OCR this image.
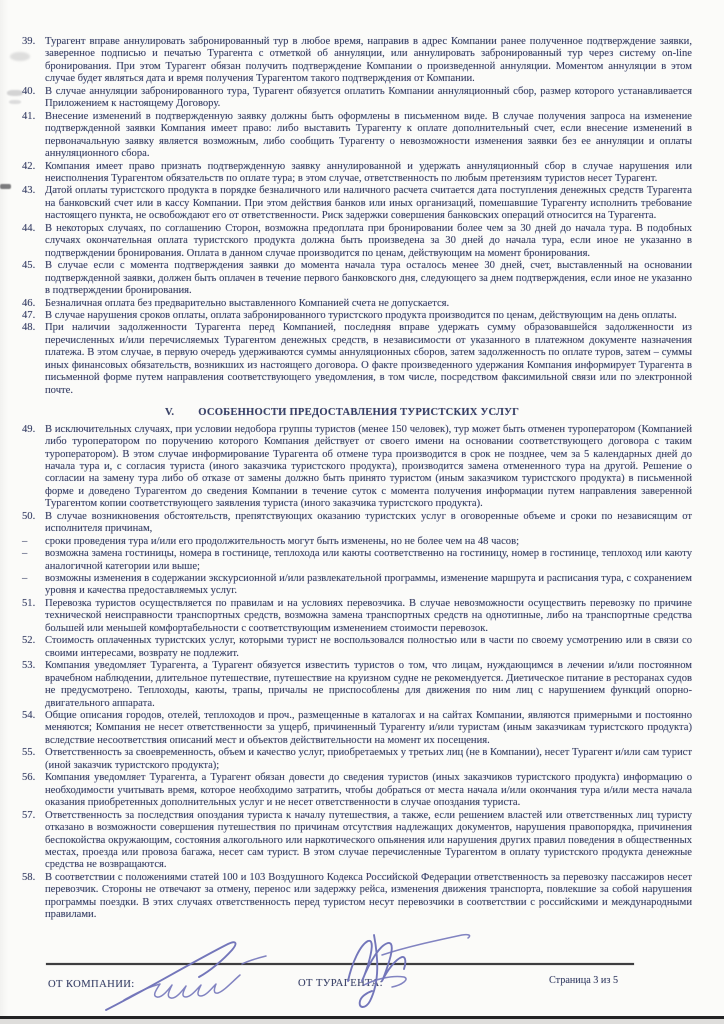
39. Турагент вправе аннулировать забронированный тур в любое время, направив в адрес Компании ранее полученное подтверждение заявки, заверенное подписью и печатью Турагента с отметкой об аннуляции, или аннулировать забронированный тур через систему on-line бронирования. При этом Турагент обязан получить подтверждение Компании о произведенной аннуляции. Моментом аннуляции в этом случае будет являться дата и время получения Турагентом такого подтверждения от Компании.
40. В случае аннуляции забронированного тура, Турагент обязуется оплатить Компании аннуляционный сбор, размер которого устанавливается Приложением к настоящему Договору.
41. Внесение изменений в подтвержденную заявку должны быть оформлены в письменном виде. В случае получения запроса на изменение подтвержденной заявки Компания имеет право: либо выставить Турагенту к оплате дополнительный счет, если внесение изменений в первоначальную заявку является возможным, либо сообщить Турагенту о невозможности изменения заявки без ее аннуляции и оплаты аннуляционного сбора.
42. Компания имеет право признать подтвержденную заявку аннулированной и удержать аннуляционный сбор в случае нарушения или неисполнения Турагентом обязательств по оплате тура; в этом случае, ответственность по любым претензиям туристов несет Турагент.
43. Датой оплаты туристского продукта в порядке безналичного или наличного расчета считается дата поступления денежных средств Турагента на банковский счет или в кассу Компании. При этом действия банков или иных организаций, помешавшие Турагенту исполнить требование настоящего пункта, не освобождают его от ответственности. Риск задержки совершения банковских операций относится на Турагента.
44. В некоторых случаях, по соглашению Сторон, возможна предоплата при бронировании более чем за 30 дней до начала тура. В подобных случаях окончательная оплата туристского продукта должна быть произведена за 30 дней до начала тура, если иное не указанно в подтверждении бронирования. Оплата в данном случае производится по ценам, действующим на момент бронирования.
45. В случае если с момента подтверждения заявки до момента начала тура осталось менее 30 дней, счет, выставленный на основании подтвержденной заявки, должен быть оплачен в течение первого банковского дня, следующего за днем подтверждения, если иное не указанно в подтверждении бронирования.
46. Безналичная оплата без предварительно выставленного Компанией счета не допускается.
47. В случае нарушения сроков оплаты, оплата забронированного туристского продукта производится по ценам, действующим на день оплаты.
48. При наличии задолженности Турагента перед Компанией, последняя вправе удержать сумму образовавшейся задолженности из перечисленных и/или перечисляемых Турагентом денежных средств, в независимости от указанного в платежном документе назначения платежа. В этом случае, в первую очередь удерживаются суммы аннуляционных сборов, затем задолженность по оплате туров, затем – суммы иных финансовых обязательств, возникших из настоящего договора. О факте произведенного удержания Компания информирует Турагента в письменной форме путем направления соответствующего уведомления, в том числе, посредством факсимильной связи или по электронной почте.
V. ОСОБЕННОСТИ ПРЕДОСТАВЛЕНИЯ ТУРИСТСКИХ УСЛУГ
49. В исключительных случаях, при условии недобора группы туристов (менее 150 человек), тур может быть отменен туроператором (Компанией либо туроператором по поручению которого Компания действует от своего имени на основании соответствующего договора с таким туроператором). В этом случае информирование Турагента об отмене тура производится в срок не позднее, чем за 5 календарных дней до начала тура и, с согласия туриста (иного заказчика туристского продукта), производится замена отмененного тура на другой. Решение о согласии на замену тура либо об отказе от замены должно быть принято туристом (иным заказчиком туристского продукта) в письменной форме и доведено Турагентом до сведения Компании в течение суток с момента получения информации путем направления заверенной Турагентом копии соответствующего заявления туриста (иного заказчика туристского продукта).
50. В случае возникновения обстоятельств, препятствующих оказанию туристских услуг в оговоренные объеме и сроки по независящим от исполнителя причинам,
–	сроки проведения тура и/или его продолжительность могут быть изменены, но не более чем на 48 часов;
–	возможна замена гостиницы, номера в гостинице, теплохода или каюты соответственно на гостиницу, номер в гостинице, теплоход или каюту аналогичной категории или выше;
–	возможны изменения в содержании экскурсионной и/или развлекательной программы, изменение маршрута и расписания тура, с сохранением уровня и качества предоставляемых услуг.
51. Перевозка туристов осуществляется по правилам и на условиях перевозчика. В случае невозможности осуществить перевозку по причине технической неисправности транспортных средств, возможна замена транспортных средств на однотипные, либо на транспортные средства большей или меньшей комфортабельности с соответствующим изменением стоимости перевозок.
52. Стоимость оплаченных туристских услуг, которыми турист не воспользовался полностью или в части по своему усмотрению или в связи со своими интересами, возврату не подлежит.
53. Компания уведомляет Турагента, а Турагент обязуется известить туристов о том, что лицам, нуждающимся в лечении и/или постоянном врачебном наблюдении, длительное путешествие, путешествие на круизном судне не рекомендуется. Диетическое питание в ресторанах судов не предусмотрено. Теплоходы, каюты, трапы, причалы не приспособлены для движения по ним лиц с нарушением функций опорно-двигательного аппарата.
54. Общие описания городов, отелей, теплоходов и проч., размещенные в каталогах и на сайтах Компании, являются примерными и постоянно меняются; Компания не несет ответственности за ущерб, причиненный Турагенту и/или туристам (иным заказчикам туристского продукта) вследствие несоответствия описаний мест и объектов действительности на момент их посещения.
55. Ответственность за своевременность, объем и качество услуг, приобретаемых у третьих лиц (не в Компании), несет Турагент и/или сам турист (иной заказчик туристского продукта);
56. Компания уведомляет Турагента, а Турагент обязан довести до сведения туристов (иных заказчиков туристского продукта) информацию о необходимости учитывать время, которое необходимо затратить, чтобы добраться от места начала и/или окончания тура и/или места начала оказания приобретенных дополнительных услуг и не несет ответственности в случае опоздания туриста.
57. Ответственность за последствия опоздания туриста к началу путешествия, а также, если решением властей или ответственных лиц туристу отказано в возможности совершения путешествия по причинам отсутствия надлежащих документов, нарушения правопорядка, причинения беспокойства окружающим, состояния алкогольного или наркотического опьянения или нарушения других правил поведения в общественных местах, проезда или провоза багажа, несет сам турист. В этом случае перечисленные Турагентом в оплату туристского продукта денежные средства не возвращаются.
58. В соответствии с положениями статей 100 и 103 Воздушного Кодекса Российской Федерации ответственность за перевозку пассажиров несет перевозчик. Стороны не отвечают за отмену, перенос или задержку рейса, изменения движения транспорта, повлекшие за собой нарушения программы поездки. В этих случаях ответственность перед туристом несут перевозчики в соответствии с российскими и международными правилами.
ОТ КОМПАНИИ:	ОТ ТУРАГЕНТА:	Страница 3 из 5
